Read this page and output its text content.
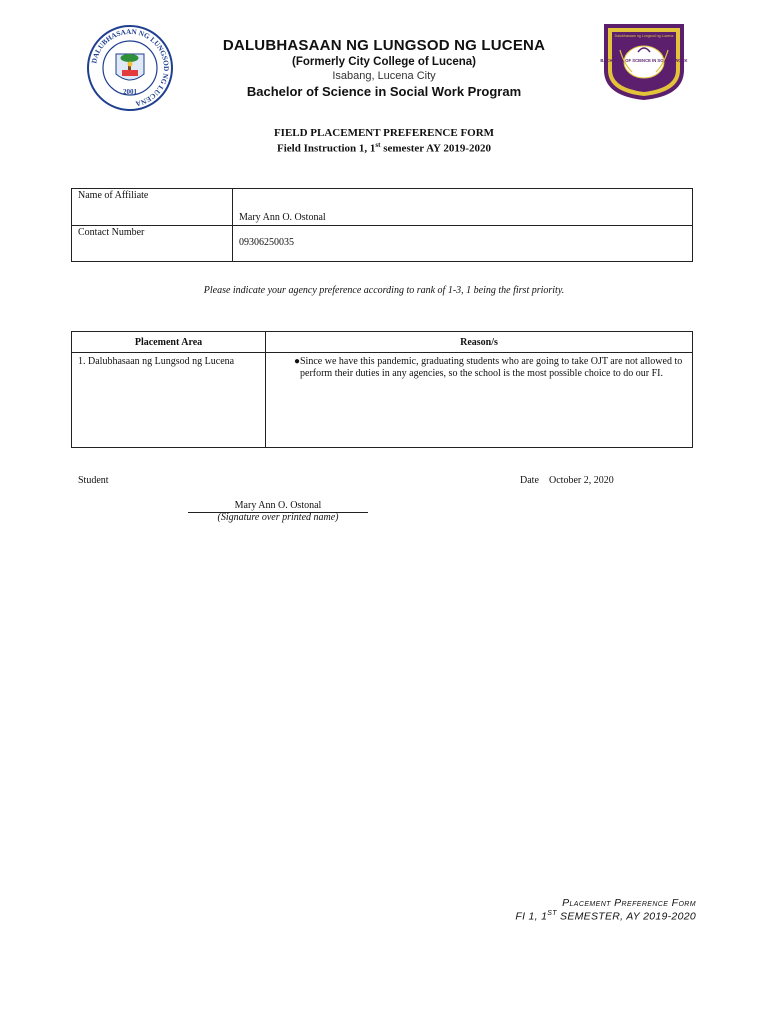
DALUBHASAAN NG LUNGSOD NG LUCENA
2001
Dalubhasaan ng Lungsod ng Lucena
BACHELOR OF SCIENCE IN SOCIAL WORK
DALUBHASAAN NG LUNGSOD NG LUCENA
(Formerly City College of Lucena)
Isabang, Lucena City
Bachelor of Science in Social Work Program
FIELD PLACEMENT PREFERENCE FORM
Field Instruction 1, 1st semester AY 2019-2020
Name of Affiliate	Mary Ann O. Ostonal

Contact Number	09306250035
Please indicate your agency preference according to rank of 1-3, 1 being the first priority.
Placement Area	Reason/s
1. Dalubhasaan ng Lungsod ng Lucena	● Since we have this pandemic, graduating students who are going to take OJT are not allowed to perform their duties in any agencies, so the school is the most possible choice to do our FI.
Student	Date October 2, 2020
Mary Ann O. Ostonal
(Signature over printed name)
Placement Preference Form
FI 1, 1ST SEMESTER, AY 2019-2020
